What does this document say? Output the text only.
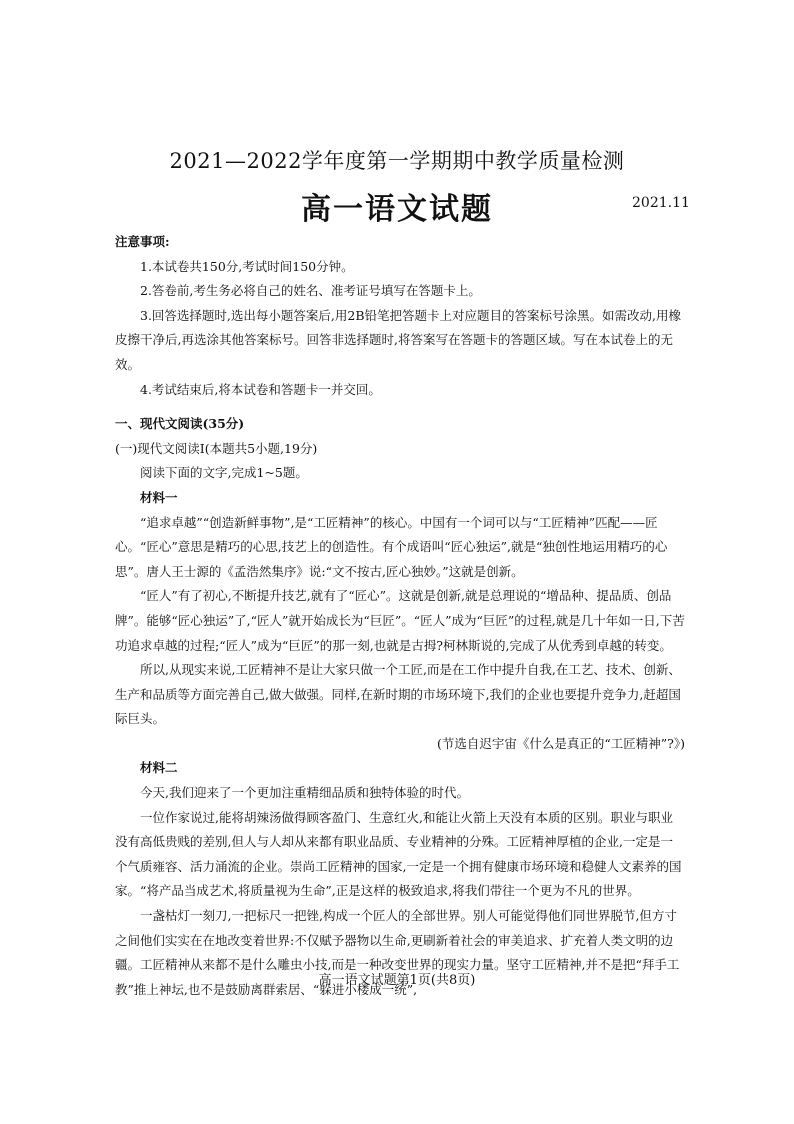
2021—2022学年度第一学期期中教学质量检测
高一语文试题	2021.11

注意事项:

1.本试卷共150分,考试时间150分钟。

2.答卷前,考生务必将自己的姓名、准考证号填写在答题卡上。

3.回答选择题时,选出每小题答案后,用2B铅笔把答题卡上对应题目的答案标号涂黑。如需改动,用橡皮擦干净后,再选涂其他答案标号。回答非选择题时,将答案写在答题卡的答题区域。写在本试卷上的无效。

4.考试结束后,将本试卷和答题卡一并交回。

一、现代文阅读(35分)

(一)现代文阅读Ⅰ(本题共5小题,19分)

阅读下面的文字,完成1~5题。

材料一

“追求卓越”“创造新鲜事物”,是“工匠精神”的核心。中国有一个词可以与“工匠精神”匹配——匠心。“匠心”意思是精巧的心思,技艺上的创造性。有个成语叫“匠心独运”,就是“独创性地运用精巧的心思”。唐人王士源的《孟浩然集序》说:“文不按古,匠心独妙。”这就是创新。

“匠人”有了初心,不断提升技艺,就有了“匠心”。这就是创新,就是总理说的“增品种、提品质、创品牌”。能够“匠心独运”了,“匠人”就开始成长为“巨匠”。“匠人”成为“巨匠”的过程,就是几十年如一日,下苦功追求卓越的过程;“匠人”成为“巨匠”的那一刻,也就是古拇?柯林斯说的,完成了从优秀到卓越的转变。

所以,从现实来说,工匠精神不是让大家只做一个工匠,而是在工作中提升自我,在工艺、技术、创新、生产和品质等方面完善自己,做大做强。同样,在新时期的市场环境下,我们的企业也要提升竞争力,赶超国际巨头。

(节选自迟宇宙《什么是真正的“工匠精神”?》)

材料二

今天,我们迎来了一个更加注重精细品质和独特体验的时代。

一位作家说过,能将胡辣汤做得顾客盈门、生意红火,和能让火箭上天没有本质的区别。职业与职业没有高低贵贱的差别,但人与人却从来都有职业品质、专业精神的分殊。工匠精神厚植的企业,一定是一个气质雍容、活力涌流的企业。崇尚工匠精神的国家,一定是一个拥有健康市场环境和稳健人文素养的国家。“将产品当成艺术,将质量视为生命”,正是这样的极致追求,将我们带往一个更为不凡的世界。

一盏枯灯一刻刀,一把标尺一把锉,构成一个匠人的全部世界。别人可能觉得他们同世界脱节,但方寸之间他们实实在在地改变着世界:不仅赋予器物以生命,更刷新着社会的审美追求、扩充着人类文明的边疆。工匠精神从来都不是什么雕虫小技,而是一种改变世界的现实力量。坚守工匠精神,并不是把“拜手工教”推上神坛,也不是鼓励离群索居、“躲进小楼成一统”,

高一语文试题第1页(共8页)
